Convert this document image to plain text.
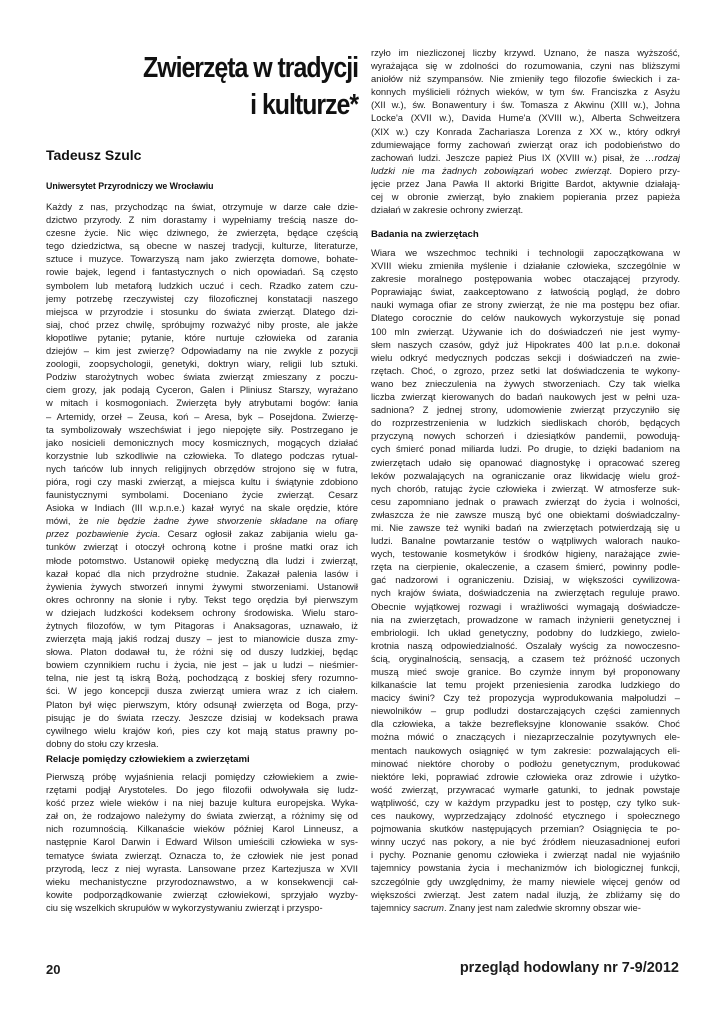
Zwierzęta w tradycji
i kulturze*

Tadeusz Szulc

Uniwersytet Przyrodniczy we Wrocławiu

Każdy z nas, przychodząc na świat, otrzymuje w darze całe dzie-
dzictwo przyrody. Z nim dorastamy i wypełniamy treścią nasze do-
czesne życie. Nic więc dziwnego, że zwierzęta, będące częścią
tego dziedzictwa, są obecne w naszej tradycji, kulturze, literaturze,
sztuce i muzyce. Towarzyszą nam jako zwierzęta domowe, bohate-
rowie bajek, legend i fantastycznych o nich opowiadań. Są często
symbolem lub metaforą ludzkich uczuć i cech. Rzadko zatem czu-
jemy potrzebę rzeczywistej czy filozoficznej konstatacji naszego
miejsca w przyrodzie i stosunku do świata zwierząt. Dlatego dzi-
siaj, choć przez chwilę, spróbujmy rozważyć niby proste, ale jakże
kłopotliwe pytanie; pytanie, które nurtuje człowieka od zarania
dziejów – kim jest zwierzę? Odpowiadamy na nie zwykle z pozycji
zoologii, zoopsychologii, genetyki, doktryn wiary, religii lub sztuki.
Podziw starożytnych wobec świata zwierząt zmieszany z poczu-
ciem grozy, jak podają Cyceron, Galen i Pliniusz Starszy, wyrażano
w mitach i kosmogoniach. Zwierzęta były atrybutami bogów: łania
– Artemidy, orzeł – Zeusa, koń – Aresa, byk – Posejdona. Zwierzę-
ta symbolizowały wszechświat i jego niepojęte siły. Postrzegano je
jako nosicieli demonicznych mocy kosmicznych, mogących działać
korzystnie lub szkodliwie na człowieka. To dlatego podczas rytual-
nych tańców lub innych religijnych obrzędów strojono się w futra,
pióra, rogi czy maski zwierząt, a miejsca kultu i świątynie zdobiono
faunistycznymi symbolami. Doceniano życie zwierząt. Cesarz
Asioka w Indiach (III w.p.n.e.) kazał wyryć na skale orędzie, które
mówi, że nie będzie żadne żywe stworzenie składane na ofiarę
przez pozbawienie życia. Cesarz ogłosił zakaz zabijania wielu ga-
tunków zwierząt i otoczył ochroną kotne i prośne matki oraz ich
młode potomstwo. Ustanowił opiekę medyczną dla ludzi i zwierząt,
kazał kopać dla nich przydrożne studnie. Zakazał palenia lasów i
żywienia żywych stworzeń innymi żywymi stworzeniami. Ustanowił
okres ochronny na słonie i ryby. Tekst tego orędzia był pierwszym
w dziejach ludzkości kodeksem ochrony środowiska. Wielu staro-
żytnych filozofów, w tym Pitagoras i Anaksagoras, uznawało, iż
zwierzęta mają jakiś rodzaj duszy – jest to mianowicie dusza zmy-
słowa. Platon dodawał tu, że różni się od duszy ludzkiej, będąc
bowiem czynnikiem ruchu i życia, nie jest – jak u ludzi – nieśmier-
telna, nie jest tą iskrą Bożą, pochodzącą z boskiej sfery rozumno-
ści. W jego koncepcji dusza zwierząt umiera wraz z ich ciałem.
Platon był więc pierwszym, który odsunął zwierzęta od Boga, przy-
pisując je do świata rzeczy. Jeszcze dzisiaj w kodeksach prawa
cywilnego wielu krajów koń, pies czy kot mają status prawny po-
dobny do stołu czy krzesła.
Relacje pomiędzy człowiekiem a zwierzętami
Pierwszą próbę wyjaśnienia relacji pomiędzy człowiekiem a zwie-
rzętami podjął Arystoteles. Do jego filozofii odwoływała się ludz-
kość przez wiele wieków i na niej bazuje kultura europejska. Wyka-
zał on, że rodzajowo należymy do świata zwierząt, a różnimy się od
nich rozumnością. Kilkanaście wieków później Karol Linneusz, a
następnie Karol Darwin i Edward Wilson umieścili człowieka w sys-
tematyce świata zwierząt. Oznacza to, że człowiek nie jest ponad
przyrodą, lecz z niej wyrasta. Lansowane przez Kartezjusza w XVII
wieku mechanistyczne przyrodoznawstwo, a w konsekwencji cał-
kowite podporządkowanie zwierząt człowiekowi, sprzyjało wyzby-
ciu się wszelkich skrupułów w wykorzystywaniu zwierząt i przyspo-
rzyło im niezliczonej liczby krzywd. Uznano, że nasza wyższość,
wyrażająca się w zdolności do rozumowania, czyni nas bliższymi
aniołów niż szympansów. Nie zmieniły tego filozofie świeckich i za-
konnych myślicieli różnych wieków, w tym św. Franciszka z Asyżu
(XII w.), św. Bonawentury i św. Tomasza z Akwinu (XIII w.), Johna
Locke'a (XVII w.), Davida Hume'a (XVIII w.), Alberta Schweitzera
(XIX w.) czy Konrada Zachariasza Lorenza z XX w., który odkrył
zdumiewające formy zachowań zwierząt oraz ich podobieństwo do
zachowań ludzi. Jeszcze papież Pius IX (XVIII w.) pisał, że …rodzaj
ludzki nie ma żadnych zobowiązań wobec zwierząt. Dopiero przy-
jęcie przez Jana Pawła II aktorki Brigitte Bardot, aktywnie działają-
cej w obronie zwierząt, było znakiem popierania przez papieża
działań w zakresie ochrony zwierząt.
Badania na zwierzętach
Wiara we wszechmoc techniki i technologii zapoczątkowana w
XVIII wieku zmieniła myślenie i działanie człowieka, szczególnie w
zakresie moralnego postępowania wobec otaczającej przyrody.
Poprawiając świat, zaakceptowano z łatwością pogląd, że dobro
nauki wymaga ofiar ze strony zwierząt, że nie ma postępu bez ofiar.
Dlatego corocznie do celów naukowych wykorzystuje się ponad
100 mln zwierząt. Używanie ich do doświadczeń nie jest wymy-
słem naszych czasów, gdyż już Hipokrates 400 lat p.n.e. dokonał
wielu odkryć medycznych podczas sekcji i doświadczeń na zwie-
rzętach. Choć, o zgrozo, przez setki lat doświadczenia te wykony-
wano bez znieczulenia na żywych stworzeniach. Czy tak wielka
liczba zwierząt kierowanych do badań naukowych jest w pełni uza-
sadniona? Z jednej strony, udomowienie zwierząt przyczyniło się
do rozprzestrzenienia w ludzkich siedliskach chorób, będących
przyczyną nowych schorzeń i dziesiątków pandemii, powodują-
cych śmierć ponad miliarda ludzi. Po drugie, to dzięki badaniom na
zwierzętach udało się opanować diagnostykę i opracować szereg
leków pozwalających na ograniczanie oraz likwidację wielu groź-
nych chorób, ratując życie człowieka i zwierząt. W atmosferze suk-
cesu zapomniano jednak o prawach zwierząt do życia i wolności,
zwłaszcza że nie zawsze muszą być one obiektami doświadczalny-
mi. Nie zawsze też wyniki badań na zwierzętach potwierdzają się u
ludzi. Banalne powtarzanie testów o wątpliwych walorach nauko-
wych, testowanie kosmetyków i środków higieny, narażające zwie-
rzęta na cierpienie, okaleczenie, a czasem śmierć, powinny podle-
gać nadzorowi i ograniczeniu. Dzisiaj, w większości cywilizowa-
nych krajów świata, doświadczenia na zwierzętach reguluje prawo.
Obecnie wyjątkowej rozwagi i wrażliwości wymagają doświadcze-
nia na zwierzętach, prowadzone w ramach inżynierii genetycznej i
embriologii. Ich układ genetyczny, podobny do ludzkiego, zwielo-
krotnia naszą odpowiedzialność. Oszalały wyścig za nowoczesno-
ścią, oryginalnością, sensacją, a czasem też próżność uczonych
muszą mieć swoje granice. Bo czymże innym był proponowany
kilkanaście lat temu projekt przeniesienia zarodka ludzkiego do
macicy świni? Czy też propozycja wyprodukowania małpoludzi –
niewolników – grup podludzi dostarczających części zamiennych
dla człowieka, a także bezrefleksyjne klonowanie ssaków. Choć
można mówić o znaczących i niezaprzeczalnie pozytywnych ele-
mentach naukowych osiągnięć w tym zakresie: pozwalających eli-
minować niektóre choroby o podłożu genetycznym, produkować
niektóre leki, poprawiać zdrowie człowieka oraz zdrowie i użytko-
wość zwierząt, przywracać wymarłe gatunki, to jednak powstaje
wątpliwość, czy w każdym przypadku jest to postęp, czy tylko suk-
ces naukowy, wyprzedzający zdolność etycznego i społecznego
pojmowania skutków następujących przemian? Osiągnięcia te po-
winny uczyć nas pokory, a nie być źródłem nieuzasadnionej eufori
i pychy. Poznanie genomu człowieka i zwierząt nadal nie wyjaśniło
tajemnicy powstania życia i mechanizmów ich biologicznej funkcji,
szczególnie gdy uwzględnimy, że mamy niewiele więcej genów od
większości zwierząt. Jest zatem nadal iluzją, że zbliżamy się do
tajemnicy sacrum. Znany jest nam zaledwie skromny obszar wie-
20	przegląd hodowlany nr 7-9/2012
